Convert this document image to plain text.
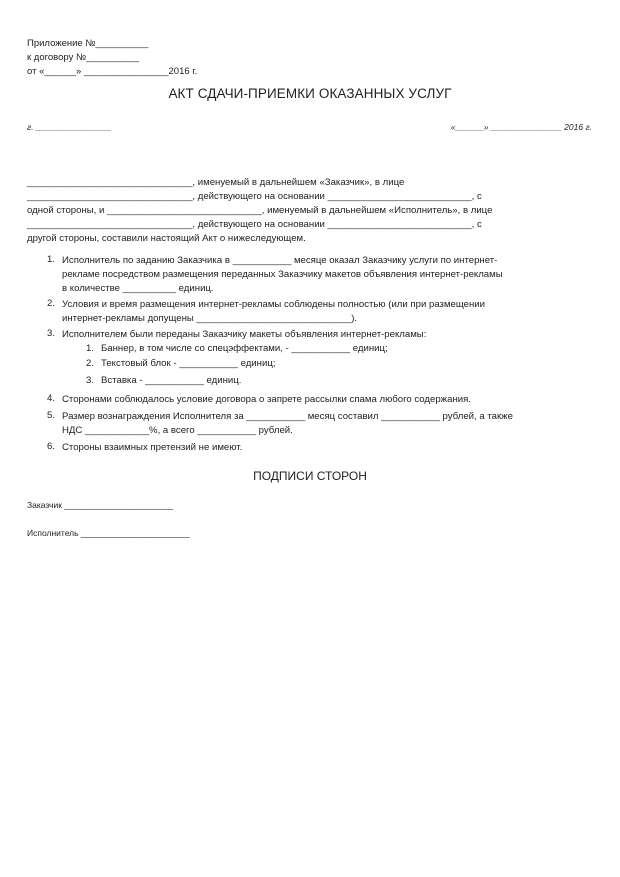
Приложение №__________
к договору №__________
от «______» ________________2016 г.
АКТ СДАЧИ-ПРИЕМКИ ОКАЗАННЫХ УСЛУГ
г. ________________	«______» _______________ 2016 г.
_______________________________, именуемый в дальнейшем «Заказчик», в лице
_______________________________, действующего на основании ___________________________, с
одной стороны, и _____________________________, именуемый в дальнейшем «Исполнитель», в лице
_______________________________, действующего на основании ___________________________, с
другой стороны, составили настоящий Акт о нижеследующем.
1. Исполнитель по заданию Заказчика в ___________ месяце оказал Заказчику услуги по интернет-
рекламе посредством размещения переданных Заказчику макетов объявления интернет-рекламы
в количестве __________ единиц.
2. Условия и время размещения интернет-рекламы соблюдены полностью (или при размещении
интернет-рекламы допущены _____________________________).
3. Исполнителем были переданы Заказчику макеты объявления интернет-рекламы:
1. Баннер, в том числе со спецэффектами, - ___________ единиц;
2. Текстовый блок - ___________ единиц;
3. Вставка - ___________ единиц.
4. Сторонами соблюдалось условие договора о запрете рассылки спама любого содержания.
5. Размер вознаграждения Исполнителя за ___________ месяц составил ___________ рублей, а также
НДС ____________%, а всего ___________ рублей.
6. Стороны взаимных претензий не имеют.
ПОДПИСИ СТОРОН
Заказчик _______________________
Исполнитель _______________________
